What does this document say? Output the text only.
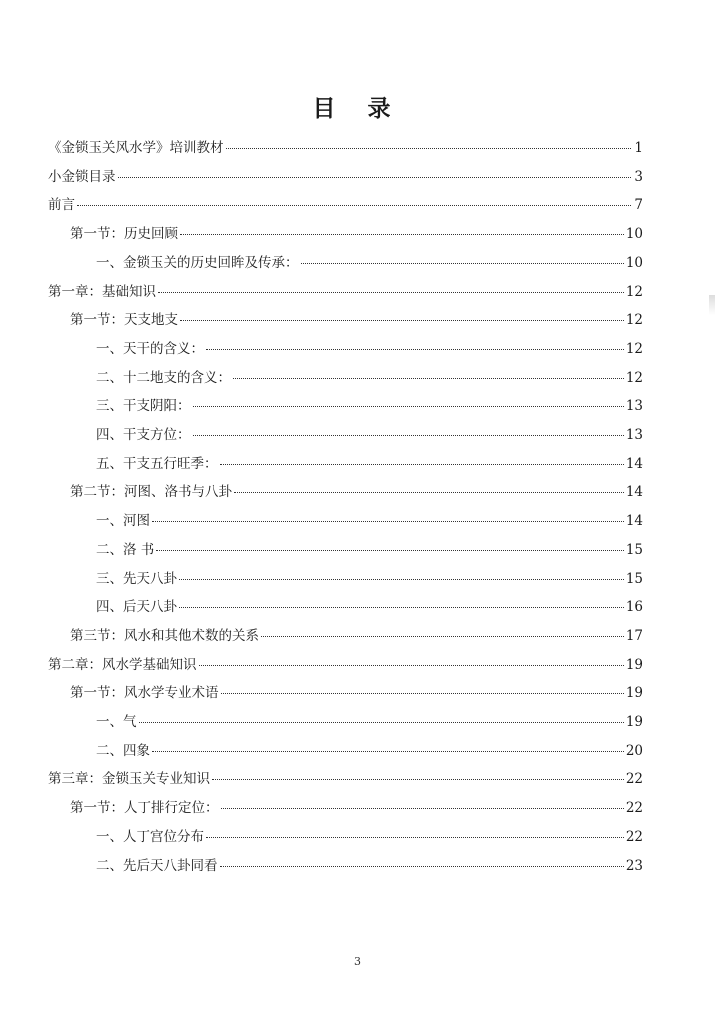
目 录
《金锁玉关风水学》培训教材	1
小金锁目录	3
前言	7
第一节：历史回顾	10
一、金锁玉关的历史回眸及传承：	10
第一章：基础知识	12
第一节：天支地支	12
一、天干的含义：	12
二、十二地支的含义：	12
三、干支阴阳：	13
四、干支方位：	13
五、干支五行旺季：	14
第二节：河图、洛书与八卦	14
一、河图	14
二、洛 书	15
三、先天八卦	15
四、后天八卦	16
第三节：风水和其他术数的关系	17
第二章：风水学基础知识	19
第一节：风水学专业术语	19
一、气	19
二、四象	20
第三章：金锁玉关专业知识	22
第一节：人丁排行定位：	22
一、人丁宫位分布	22
二、先后天八卦同看	23
3
